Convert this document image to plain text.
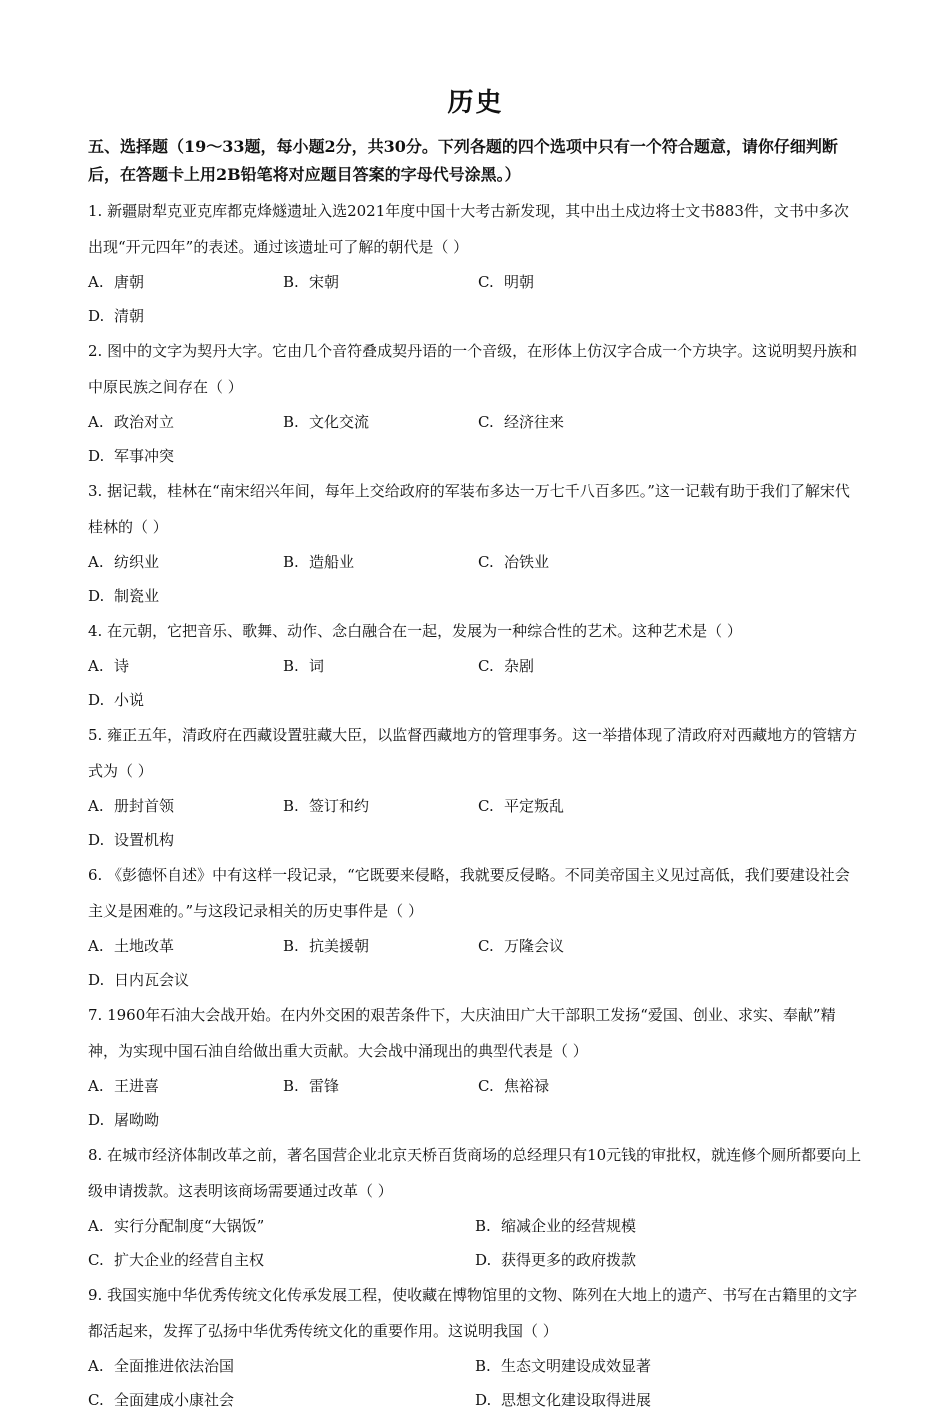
历史
五、选择题（19～33题，每小题2分，共30分。下列各题的四个选项中只有一个符合题意，请你仔细判断后，在答题卡上用2B铅笔将对应题目答案的字母代号涂黑。）
1. 新疆尉犁克亚克库都克烽燧遗址入选2021年度中国十大考古新发现，其中出土戍边将士文书883件，文书中多次出现“开元四年”的表述。通过该遗址可了解的朝代是（ ）
A. 唐朝	B. 宋朝	C. 明朝
D. 清朝
2. 图中的文字为契丹大字。它由几个音符叠成契丹语的一个音级，在形体上仿汉字合成一个方块字。这说明契丹族和中原民族之间存在（ ）
A. 政治对立	B. 文化交流	C. 经济往来
D. 军事冲突
3. 据记载，桂林在“南宋绍兴年间，每年上交给政府的军装布多达一万七千八百多匹。”这一记载有助于我们了解宋代桂林的（ ）
A. 纺织业	B. 造船业	C. 冶铁业
D. 制瓷业
4. 在元朝，它把音乐、歌舞、动作、念白融合在一起，发展为一种综合性的艺术。这种艺术是（ ）
A. 诗	B. 词	C. 杂剧
D. 小说
5. 雍正五年，清政府在西藏设置驻藏大臣，以监督西藏地方的管理事务。这一举措体现了清政府对西藏地方的管辖方式为（ ）
A. 册封首领	B. 签订和约	C. 平定叛乱
D. 设置机构
6. 《彭德怀自述》中有这样一段记录，“它既要来侵略，我就要反侵略。不同美帝国主义见过高低，我们要建设社会主义是困难的。”与这段记录相关的历史事件是（ ）
A. 土地改革	B. 抗美援朝	C. 万隆会议
D. 日内瓦会议
7. 1960年石油大会战开始。在内外交困的艰苦条件下，大庆油田广大干部职工发扬“爱国、创业、求实、奉献”精神，为实现中国石油自给做出重大贡献。大会战中涌现出的典型代表是（ ）
A. 王进喜	B. 雷锋	C. 焦裕禄
D. 屠呦呦
8. 在城市经济体制改革之前，著名国营企业北京天桥百货商场的总经理只有10元钱的审批权，就连修个厕所都要向上级申请拨款。这表明该商场需要通过改革（ ）
A. 实行分配制度“大锅饭”	B. 缩减企业的经营规模
C. 扩大企业的经营自主权	D. 获得更多的政府拨款
9. 我国实施中华优秀传统文化传承发展工程，使收藏在博物馆里的文物、陈列在大地上的遗产、书写在古籍里的文字都活起来，发挥了弘扬中华优秀传统文化的重要作用。这说明我国（ ）
A. 全面推进依法治国	B. 生态文明建设成效显著
C. 全面建成小康社会	D. 思想文化建设取得进展
